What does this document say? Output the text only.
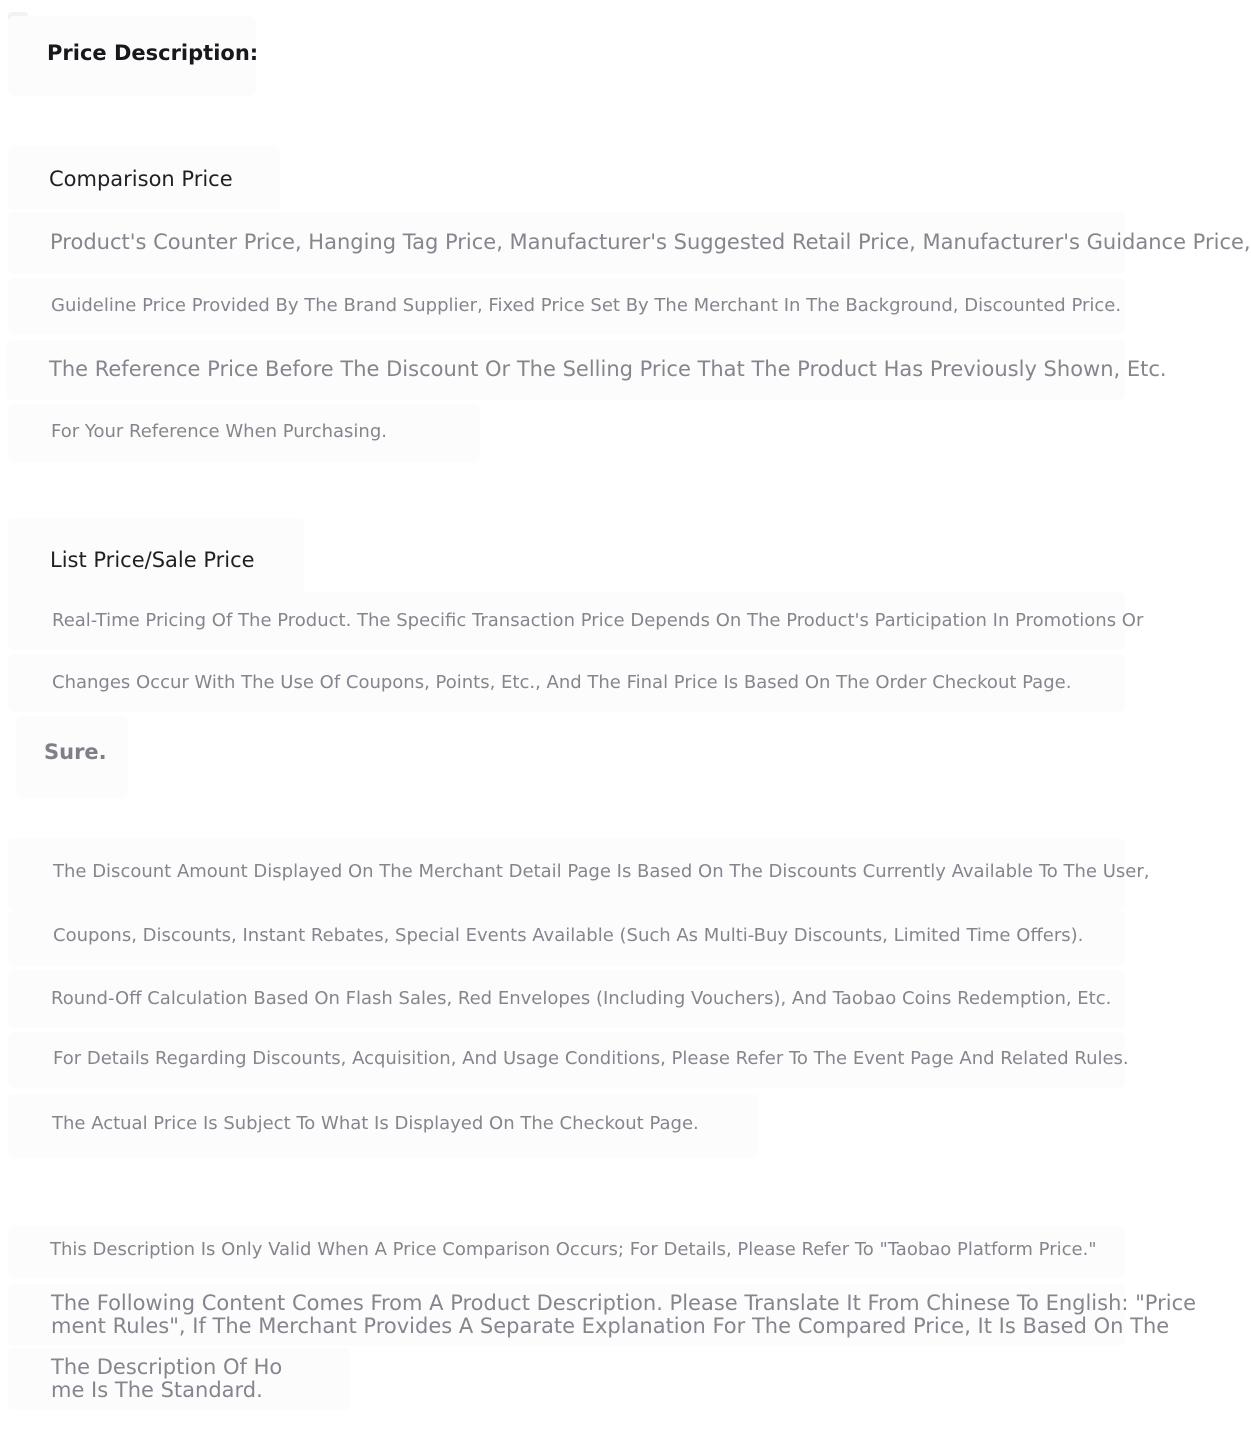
Price Description:
Comparison Price
Product's Counter Price, Hanging Tag Price, Manufacturer's Suggested Retail Price, Manufacturer's Guidance Price,
Guideline Price Provided By The Brand Supplier, Fixed Price Set By The Merchant In The Background, Discounted Price.
The Reference Price Before The Discount Or The Selling Price That The Product Has Previously Shown, Etc.
For Your Reference When Purchasing.
List Price/Sale Price
Real-Time Pricing Of The Product. The Specific Transaction Price Depends On The Product's Participation In Promotions Or
Changes Occur With The Use Of Coupons, Points, Etc., And The Final Price Is Based On The Order Checkout Page.
Sure.
The Discount Amount Displayed On The Merchant Detail Page Is Based On The Discounts Currently Available To The User,
Coupons, Discounts, Instant Rebates, Special Events Available (Such As Multi-Buy Discounts, Limited Time Offers).
Round-Off Calculation Based On Flash Sales, Red Envelopes (Including Vouchers), And Taobao Coins Redemption, Etc.
For Details Regarding Discounts, Acquisition, And Usage Conditions, Please Refer To The Event Page And Related Rules.
The Actual Price Is Subject To What Is Displayed On The Checkout Page.
This Description Is Only Valid When A Price Comparison Occurs; For Details, Please Refer To "Taobao Platform Price."
The Following Content Comes From A Product Description. Please Translate It From Chinese To English: "Price
ment Rules", If The Merchant Provides A Separate Explanation For The Compared Price, It Is Based On The
The Description Of Ho
me Is The Standard.
